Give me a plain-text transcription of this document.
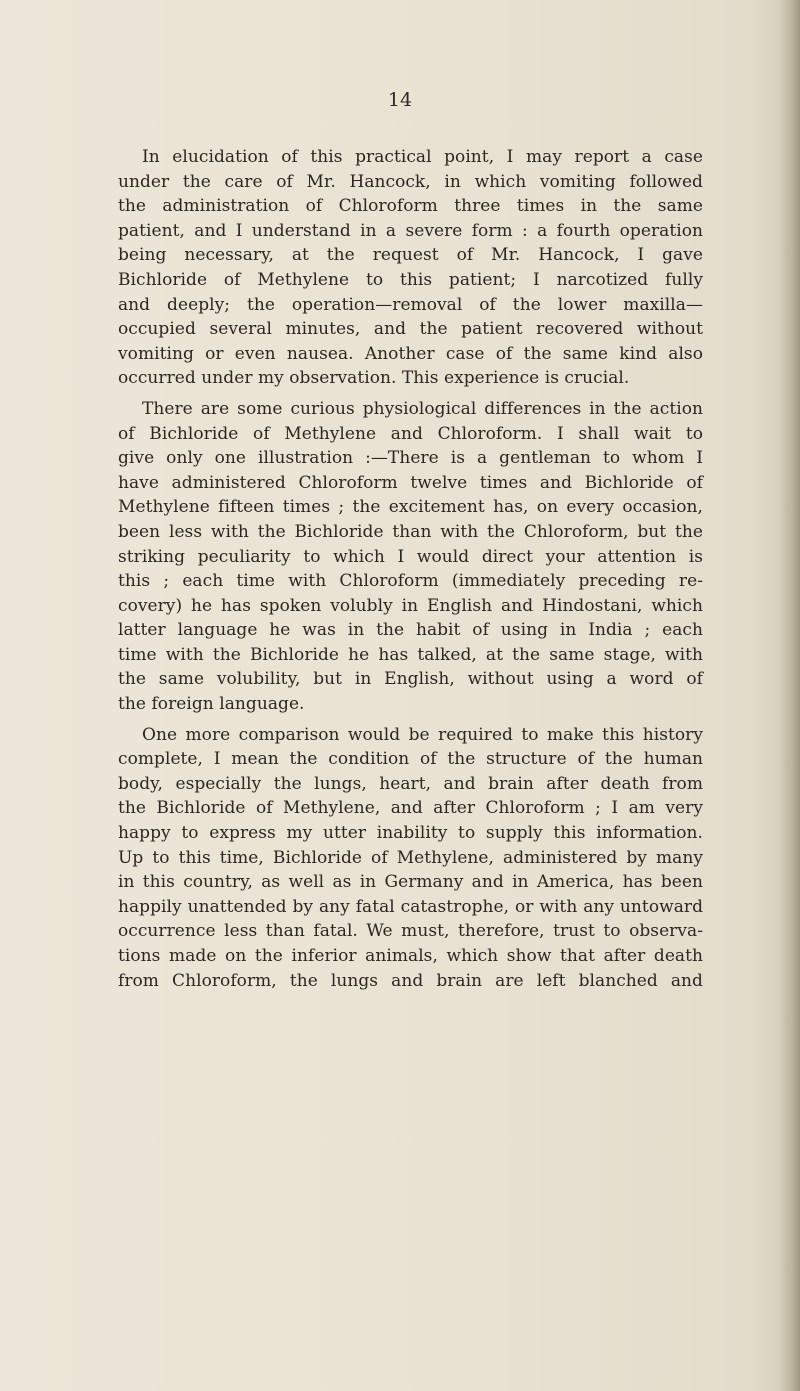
14
In elucidation of this practical point, I may report a case
under the care of Mr. Hancock, in which vomiting followed
the administration of Chloroform three times in the same
patient, and I understand in a severe form : a fourth operation
being necessary, at the request of Mr. Hancock, I gave
Bichloride of Methylene to this patient; I narcotized fully
and deeply; the operation—removal of the lower maxilla—
occupied several minutes, and the patient recovered without
vomiting or even nausea. Another case of the same kind also
occurred under my observation. This experience is crucial.
There are some curious physiological differences in the action
of Bichloride of Methylene and Chloroform. I shall wait to
give only one illustration :—There is a gentleman to whom I
have administered Chloroform twelve times and Bichloride of
Methylene fifteen times ; the excitement has, on every occasion,
been less with the Bichloride than with the Chloroform, but the
striking peculiarity to which I would direct your attention is
this ; each time with Chloroform (immediately preceding re-
covery) he has spoken volubly in English and Hindostani, which
latter language he was in the habit of using in India ; each
time with the Bichloride he has talked, at the same stage, with
the same volubility, but in English, without using a word of
the foreign language.
One more comparison would be required to make this history
complete, I mean the condition of the structure of the human
body, especially the lungs, heart, and brain after death from
the Bichloride of Methylene, and after Chloroform ; I am very
happy to express my utter inability to supply this information.
Up to this time, Bichloride of Methylene, administered by many
in this country, as well as in Germany and in America, has been
happily unattended by any fatal catastrophe, or with any untoward
occurrence less than fatal. We must, therefore, trust to observa-
tions made on the inferior animals, which show that after death
from Chloroform, the lungs and brain are left blanched and
